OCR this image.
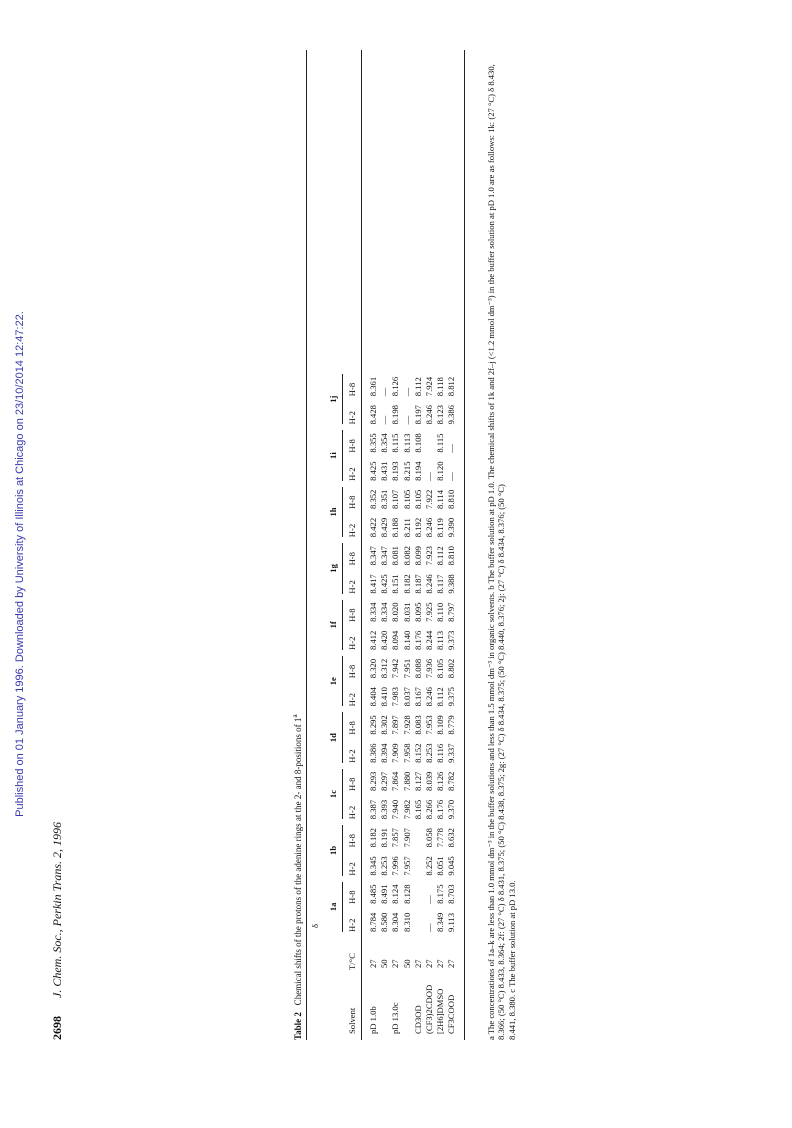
Published on 01 January 1996. Downloaded by University of Illinois at Chicago on 23/10/2014 12:47:22.
2698      J. Chem. Soc., Perkin Trans. 2, 1996
Table 2   Chemical shifts of the protons of the adenine rings at the 2- and 8-positions of 1$^a$
δ
1a
H-2
H-8
1b
H-2
H-8
1c
H-2
H-8
1d
H-2
H-8
1e
H-2
H-8
1f
H-2
H-8
1g
H-2
H-8
1h
H-2
H-8
1i
H-2
H-8
1j
H-2
H-8
Solvent
T/°C
pD 1.0b
27
8.784
8.485
8.345
8.182
8.387
8.293
8.386
8.295
8.404
8.320
8.412
8.334
8.417
8.347
8.422
8.352
8.425
8.355
8.428
8.361
50
8.580
8.491
8.253
8.191
8.393
8.297
8.394
8.302
8.410
8.312
8.420
8.334
8.425
8.347
8.429
8.351
8.431
8.354
—
—
pD 13.0c
27
8.304
8.124
7.996
7.857
7.940
7.864
7.909
7.897
7.983
7.942
8.094
8.020
8.151
8.081
8.188
8.107
8.193
8.115
8.198
8.126
50
8.310
8.128
7.957
7.907
7.982
7.880
7.958
7.928
8.037
7.951
8.140
8.031
8.182
8.082
8.211
8.105
8.215
8.113
—
—
CD3OD
27
8.165
8.127
8.152
8.083
8.167
8.088
8.176
8.095
8.187
8.099
8.192
8.105
8.194
8.108
8.197
8.112
(CF3)2CDOD
27
—
—
8.252
8.058
8.266
8.039
8.253
7.953
8.246
7.936
8.244
7.925
8.246
7.923
8.246
7.922
—
8.246
7.924
[2H6]DMSO
27
8.349
8.175
8.051
7.778
8.176
8.126
8.116
8.109
8.112
8.105
8.113
8.110
8.117
8.112
8.119
8.114
8.120
8.115
8.123
8.118
CF3COOD
27
9.113
8.703
9.045
8.632
9.370
8.782
9.337
8.779
9.375
8.802
9.373
8.797
9.388
8.810
9.390
8.810
—
—
9.386
8.812	a The concentrations of 1a–k are less than 1.0 mmol dm⁻³ in the buffer solutions and less than 1.5 mmol dm⁻³ in organic solvents. b The buffer solution at pD 1.0. The chemical shifts of 1k and 2f–j (<1.2 mmol dm⁻³) in the buffer solution at pD 1.0 are as follows: 1k: (27 °C) δ 8.430, 8.366; (50 °C) 8.433, 8.364; 2f: (27 °C) δ 8.431, 8.375; (50 °C) 8.438, 8.375; 2g: (27 °C) δ 8.434, 8.375; (50 °C) 8.440, 8.376; 2j: (27 °C) δ 8.434, 8.376; (50 °C) 8.441, 8.380. c The buffer solution at pD 13.0.
